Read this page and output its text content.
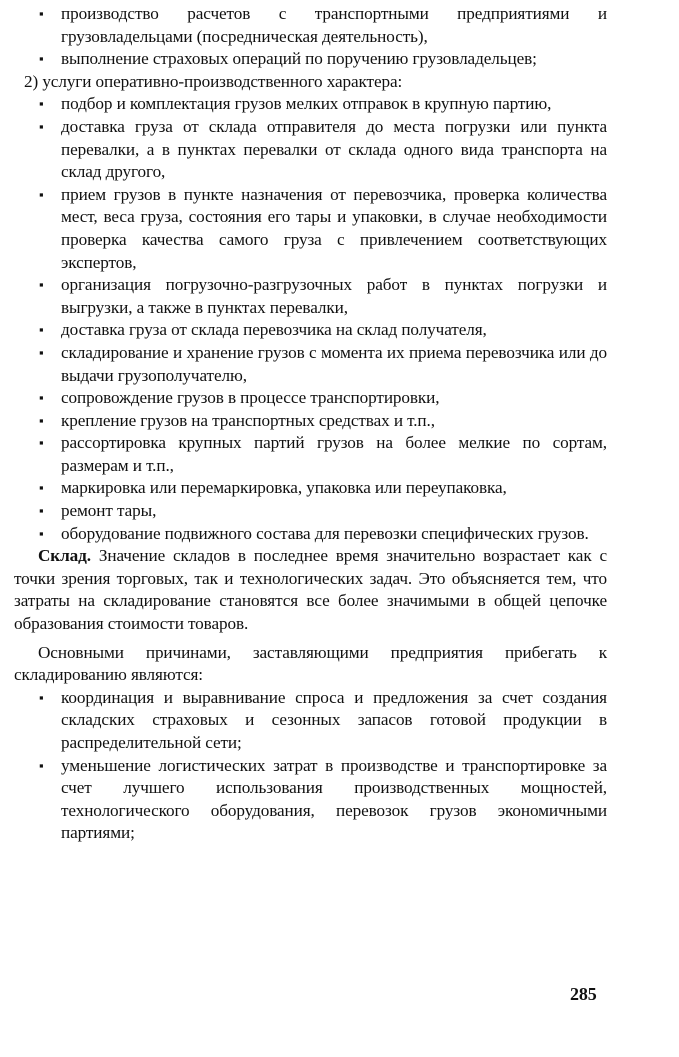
▪ производство расчетов с транспортными предприятиями и грузовладельцами (посредническая деятельность),
▪ выполнение страховых операций по поручению грузовладельцев;

2) услуги оперативно-производственного характера:

▪ подбор и комплектация грузов мелких отправок в крупную партию,
▪ доставка груза от склада отправителя до места погрузки или пункта перевалки, а в пунктах перевалки от склада одного вида транспорта на склад другого,
▪ прием грузов в пункте назначения от перевозчика, проверка количества мест, веса груза, состояния его тары и упаковки, в случае необходимости проверка качества самого груза с привлечением соответствующих экспертов,
▪ организация погрузочно-разгрузочных работ в пунктах погрузки и выгрузки, а также в пунктах перевалки,
▪ доставка груза от склада перевозчика на склад получателя,
▪ складирование и хранение грузов с момента их приема перевозчика или до выдачи грузополучателю,
▪ сопровождение грузов в процессе транспортировки,
▪ крепление грузов на транспортных средствах и т.п.,
▪ рассортировка крупных партий грузов на более мелкие по сортам, размерам и т.п.,
▪ маркировка или перемаркировка, упаковка или переупаковка,
▪ ремонт тары,
▪ оборудование подвижного состава для перевозки специфических грузов.

Склад. Значение складов в последнее время значительно возрастает как с точки зрения торговых, так и технологических задач. Это объясняется тем, что затраты на складирование становятся все более значимыми в общей цепочке образования стоимости товаров.

Основными причинами, заставляющими предприятия прибегать к складированию являются:

▪ координация и выравнивание спроса и предложения за счет создания складских страховых и сезонных запасов готовой продукции в распределительной сети;
▪ уменьшение логистических затрат в производстве и транспортировке за счет лучшего использования производственных мощностей, технологического оборудования, перевозок грузов экономичными партиями;
285
